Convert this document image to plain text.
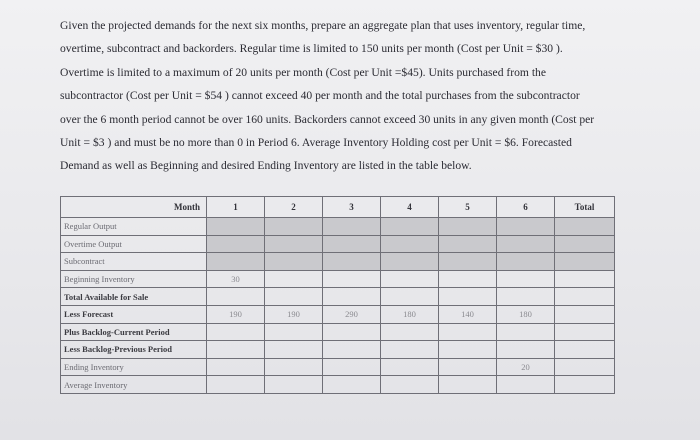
Given the projected demands for the next six months, prepare an aggregate plan that uses inventory, regular time,

overtime, subcontract and backorders. Regular time is limited to 150 units per month (Cost per Unit = $30 ).

Overtime is limited to a maximum of 20 units per month (Cost per Unit =$45). Units purchased from the

subcontractor (Cost per Unit = $54 ) cannot exceed 40 per month and the total purchases from the subcontractor

over the 6 month period cannot be over 160 units. Backorders cannot exceed 30 units in any given month (Cost per

Unit = $3 ) and must be no more than 0 in Period 6. Average Inventory Holding cost per Unit = $6. Forecasted

Demand as well as Beginning and desired Ending Inventory are listed in the table below.

Month	1	2	3	4	5	6	Total
Regular Output							
Overtime Output							
Subcontract							
Beginning Inventory	30						
Total Available for Sale							
Less Forecast	190	190	290	180	140	180	
Plus Backlog-Current Period							
Less Backlog-Previous Period							
Ending Inventory						20	
Average Inventory							
